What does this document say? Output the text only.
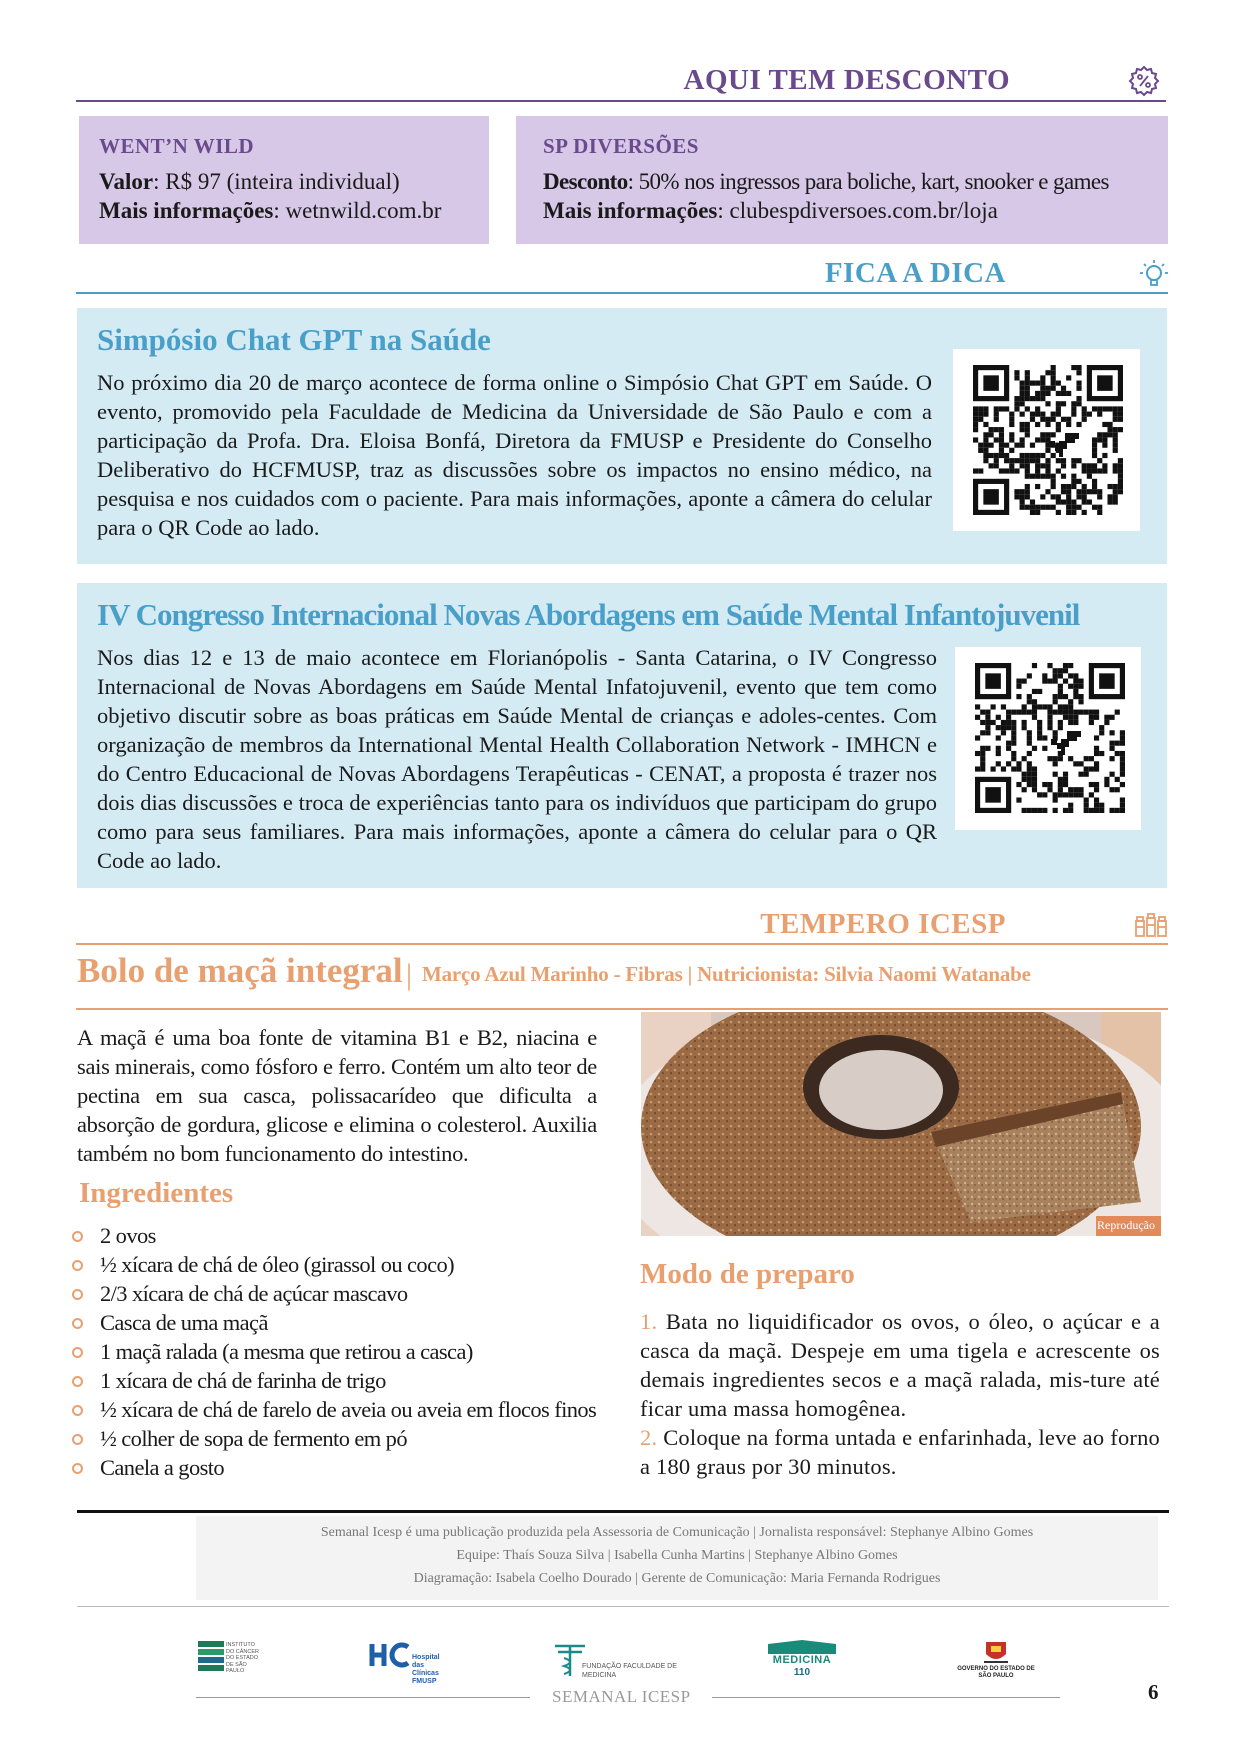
AQUI TEM DESCONTO
WENT’N WILD
Valor: R$ 97 (inteira individual)
Mais informações: wetnwild.com.br
SP DIVERSÕES
Desconto: 50% nos ingressos para boliche, kart, snooker e games
Mais informações: clubespdiversoes.com.br/loja
FICA A DICA
Simpósio Chat GPT na Saúde

No próximo dia 20 de março acontece de forma online o Simpósio Chat GPT em Saúde. O evento, promovido pela Faculdade de Medicina da Universidade de São Paulo e com a participação da Profa. Dra. Eloisa Bonfá, Diretora da FMUSP e Presidente do Conselho Deliberativo do HCFMUSP, traz as discussões sobre os impactos no ensino médico, na pesquisa e nos cuidados com o paciente. Para mais informações, aponte a câmera do celular para o QR Code ao lado.

IV Congresso Internacional Novas Abordagens em Saúde Mental Infantojuvenil

Nos dias 12 e 13 de maio acontece em Florianópolis - Santa Catarina, o IV Congresso Internacional de Novas Abordagens em Saúde Mental Infatojuvenil, evento que tem como objetivo discutir sobre as boas práticas em Saúde Mental de crianças e adoles-centes. Com organização de membros da International Mental Health Collaboration Network - IMHCN e do Centro Educacional de Novas Abordagens Terapêuticas - CENAT, a proposta é trazer nos dois dias discussões e troca de experiências tanto para os indivíduos que participam do grupo como para seus familiares. Para mais informações, aponte a câmera do celular para o QR Code ao lado.

TEMPERO ICESP
Bolo de maçã integral | Março Azul Marinho - Fibras | Nutricionista: Silvia Naomi Watanabe
A maçã é uma boa fonte de vitamina B1 e B2, niacina e sais minerais, como fósforo e ferro. Contém um alto teor de pectina em sua casca, polissacarídeo que dificulta a absorção de gordura, glicose e elimina o colesterol. Auxilia também no bom funcionamento do intestino.
Reprodução
Ingredientes
2 ovos
½ xícara de chá de óleo (girassol ou coco)
2/3 xícara de chá de açúcar mascavo
Casca de uma maçã
1 maçã ralada (a mesma que retirou a casca)
1 xícara de chá de farinha de trigo
½ xícara de chá de farelo de aveia ou aveia em flocos finos
½ colher de sopa de fermento em pó
Canela a gosto
Modo de preparo
1. Bata no liquidificador os ovos, o óleo, o açúcar e a casca da maçã. Despeje em uma tigela e acrescente os demais ingredientes secos e a maçã ralada, mis-ture até ficar uma massa homogênea.
2. Coloque na forma untada e enfarinhada, leve ao forno a 180 graus por 30 minutos.
Semanal Icesp é uma publicação produzida pela Assessoria de Comunicação | Jornalista responsável: Stephanye Albino Gomes
Equipe: Thaís Souza Silva | Isabella Cunha Martins | Stephanye Albino Gomes
Diagramação: Isabela Coelho Dourado | Gerente de Comunicação: Maria Fernanda Rodrigues
INSTITUTO DO CÂNCER DO ESTADO DE SÃO PAULO
Hospital das Clínicas FMUSP
FUNDAÇÃO FACULDADE DE MEDICINA
MEDICINA
110	GOVERNO DO ESTADO DE SÃO PAULO
SEMANAL ICESP	6
